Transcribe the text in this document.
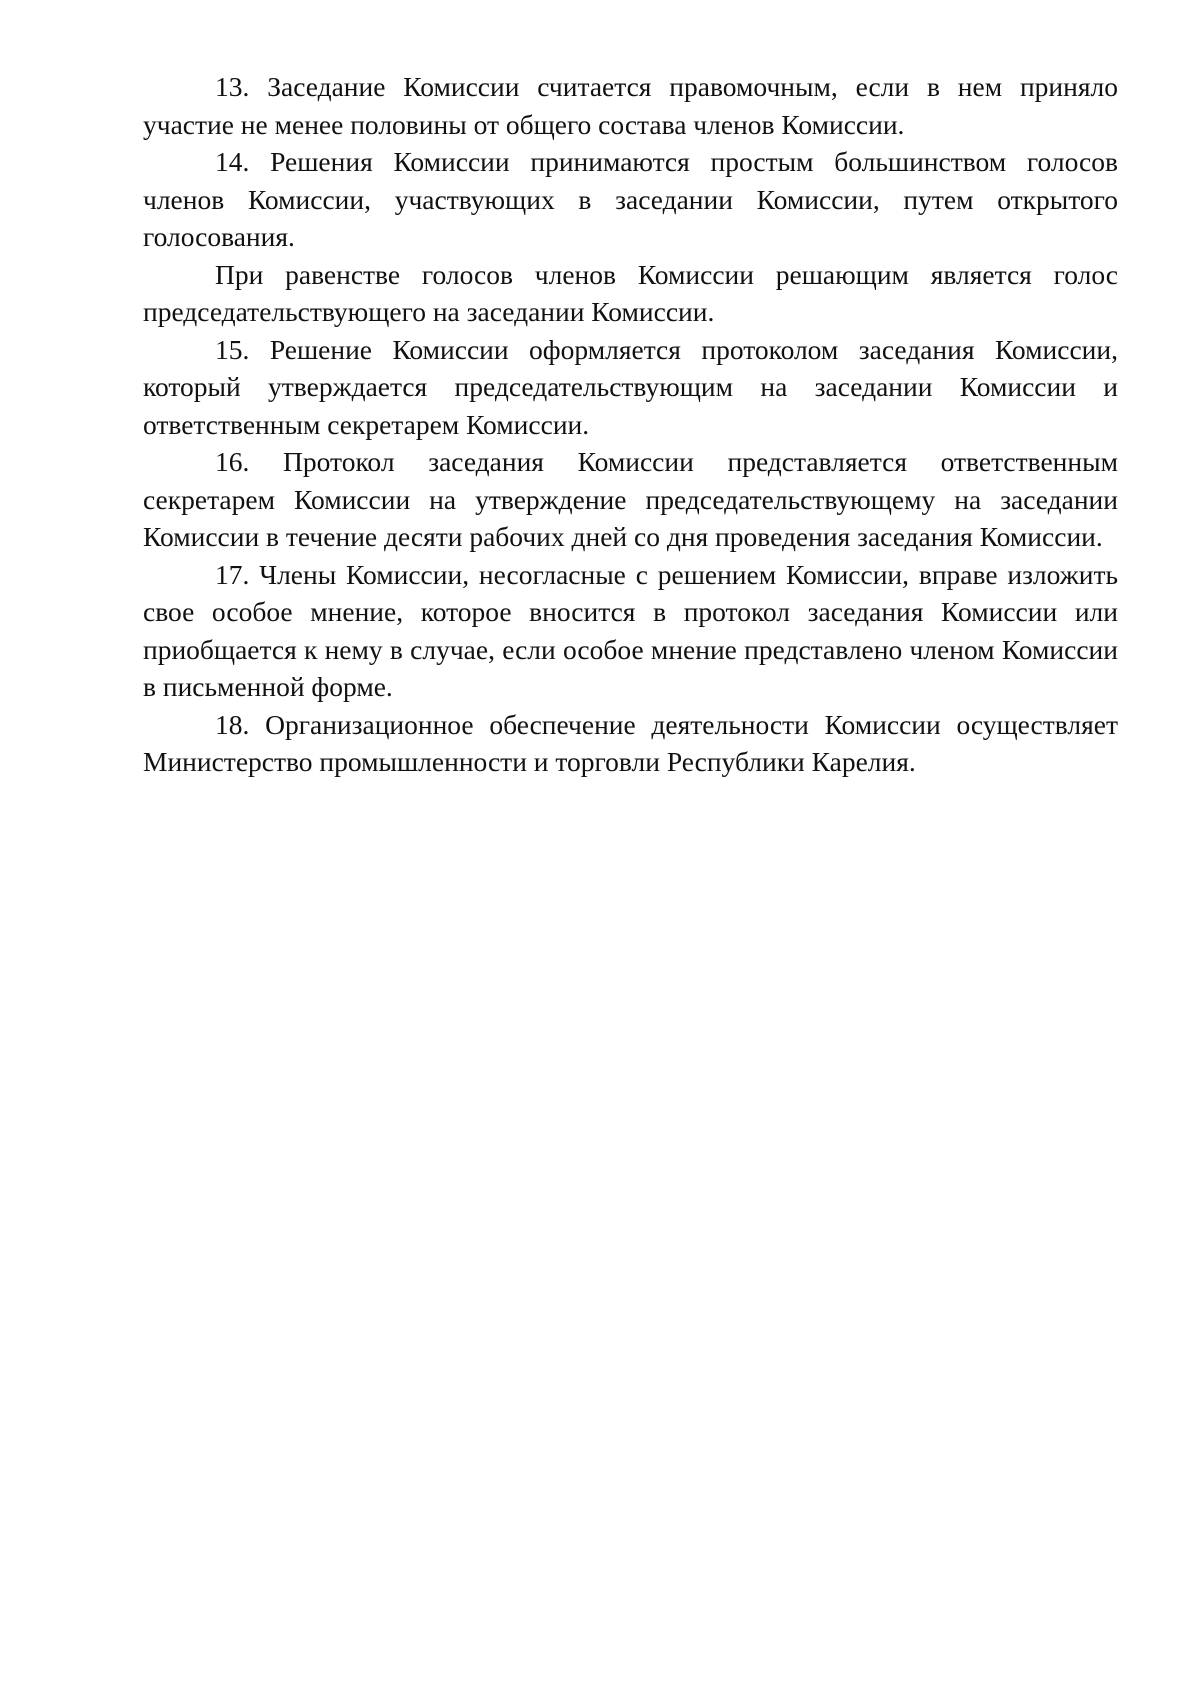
13. Заседание Комиссии считается правомочным, если в нем приняло участие не менее половины от общего состава членов Комиссии.

14. Решения Комиссии принимаются простым большинством голосов членов Комиссии, участвующих в заседании Комиссии, путем открытого голосования.

При равенстве голосов членов Комиссии решающим является голос председательствующего на заседании Комиссии.

15. Решение Комиссии оформляется протоколом заседания Комиссии, который утверждается председательствующим на заседании Комиссии и ответственным секретарем Комиссии.

16. Протокол заседания Комиссии представляется ответственным секретарем Комиссии на утверждение председательствующему на заседании Комиссии в течение десяти рабочих дней со дня проведения заседания Комиссии.

17. Члены Комиссии, несогласные с решением Комиссии, вправе изложить свое особое мнение, которое вносится в протокол заседания Комиссии или приобщается к нему в случае, если особое мнение представлено членом Комиссии в письменной форме.

18. Организационное обеспечение деятельности Комиссии осуществляет Министерство промышленности и торговли Республики Карелия.
